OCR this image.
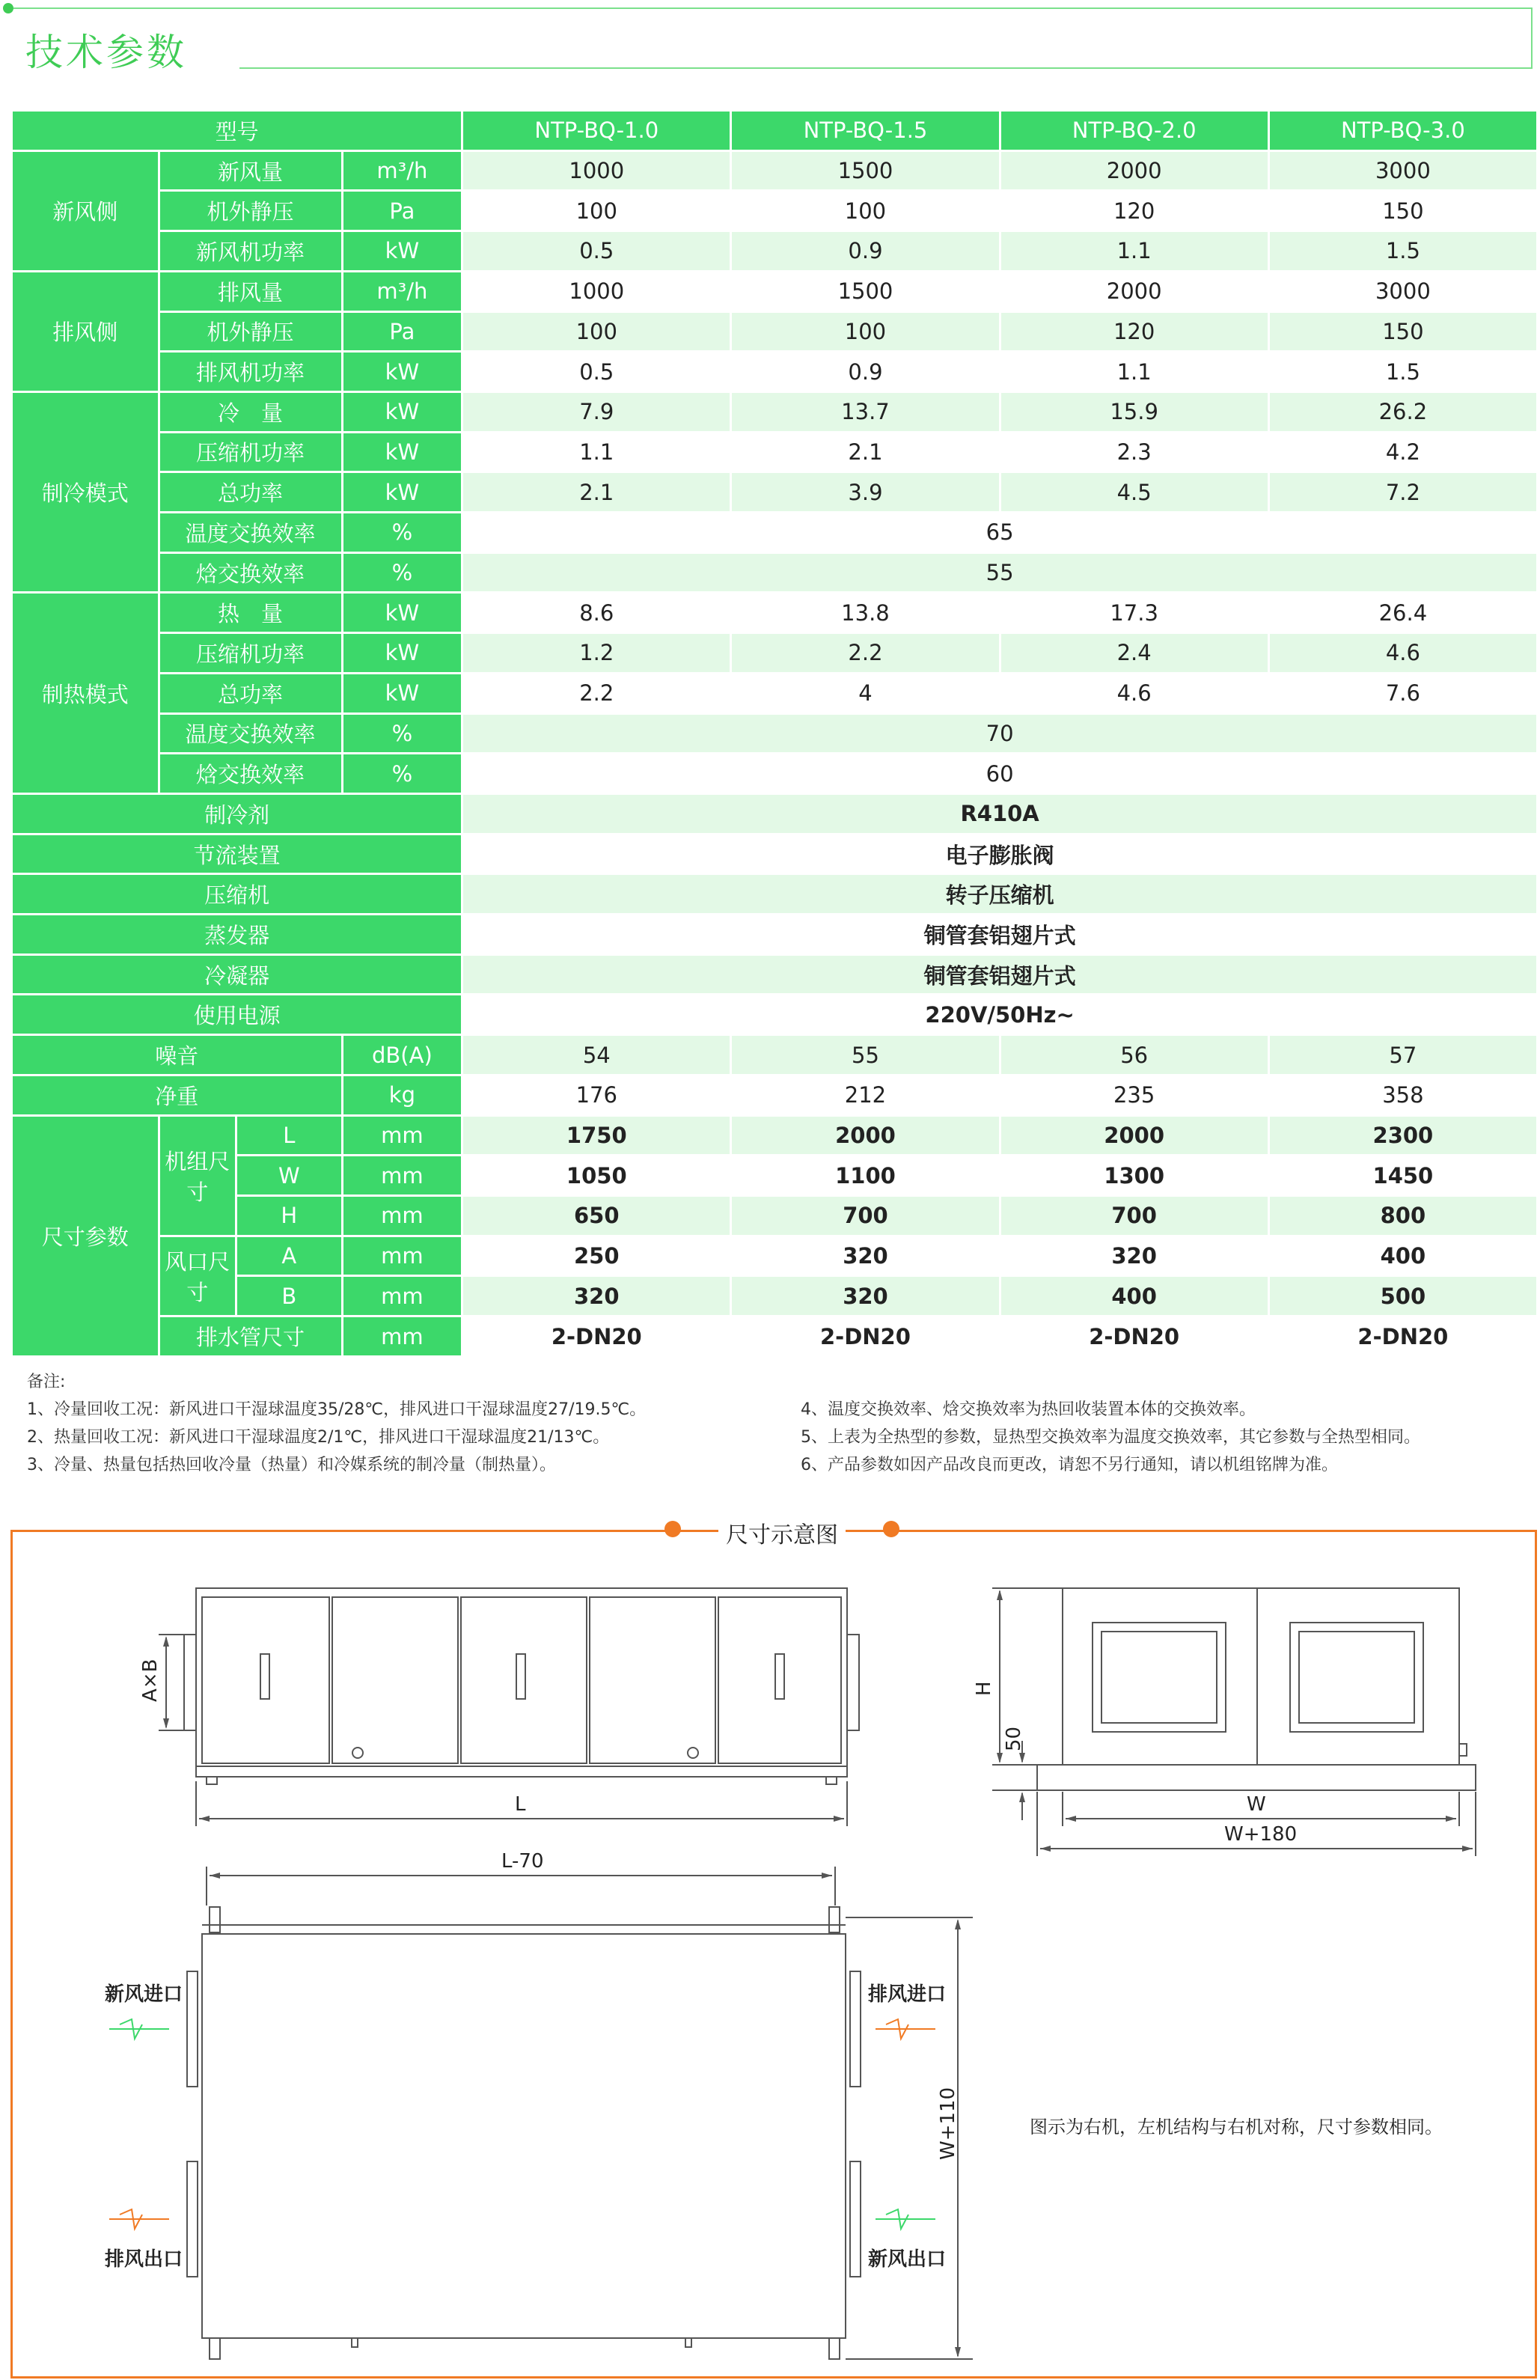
技术参数
型号				NTP-BQ-1.0	NTP-BQ-1.5	NTP-BQ-2.0	NTP-BQ-3.0
新风侧	新风量		m³/h	1000	1500	2000	3000
	机外静压		Pa	100	100	120	150
	新风机功率		kW	0.5	0.9	1.1	1.5
排风侧	排风量		m³/h	1000	1500	2000	3000
	机外静压		Pa	100	100	120	150
	排风机功率		kW	0.5	0.9	1.1	1.5
制冷模式	冷　量		kW	7.9	13.7	15.9	26.2
	压缩机功率		kW	1.1	2.1	2.3	4.2
	总功率		kW	2.1	3.9	4.5	7.2
	温度交换效率		%	65			
	焓交换效率		%	55			
制热模式	热　量		kW	8.6	13.8	17.3	26.4
	压缩机功率		kW	1.2	2.2	2.4	4.6
	总功率		kW	2.2	4	4.6	7.6
	温度交换效率		%	70			
	焓交换效率		%	60			
制冷剂				R410A			
节流装置				电子膨胀阀			
压缩机				转子压缩机			
蒸发器				铜管套铝翅片式			
冷凝器				铜管套铝翅片式			
使用电源				220V/50Hz~			
噪音			dB(A)	54	55	56	57
净重			kg	176	212	235	358
尺寸参数	机组尺寸	L	mm	1750	2000	2000	2300
		W	mm	1050	1100	1300	1450
		H	mm	650	700	700	800
	风口尺寸	A	mm	250	320	320	400
		B	mm	320	320	400	500
	排水管尺寸		mm	2-DN20	2-DN20	2-DN20	2-DN20
备注:
1、冷量回收工况：新风进口干湿球温度35/28℃，排风进口干湿球温度27/19.5℃。
2、热量回收工况：新风进口干湿球温度2/1℃，排风进口干湿球温度21/13℃。
3、冷量、热量包括热回收冷量（热量）和冷媒系统的制冷量（制热量）。
4、温度交换效率、焓交换效率为热回收装置本体的交换效率。
5、上表为全热型的参数，显热型交换效率为温度交换效率，其它参数与全热型相同。
6、产品参数如因产品改良而更改，请恕不另行通知，请以机组铭牌为准。
尺寸示意图
A×B
L
H
50
W
W+180
L-70
W+110
新风进口
排风出口
排风进口
新风出口
图示为右机，左机结构与右机对称，尺寸参数相同。
